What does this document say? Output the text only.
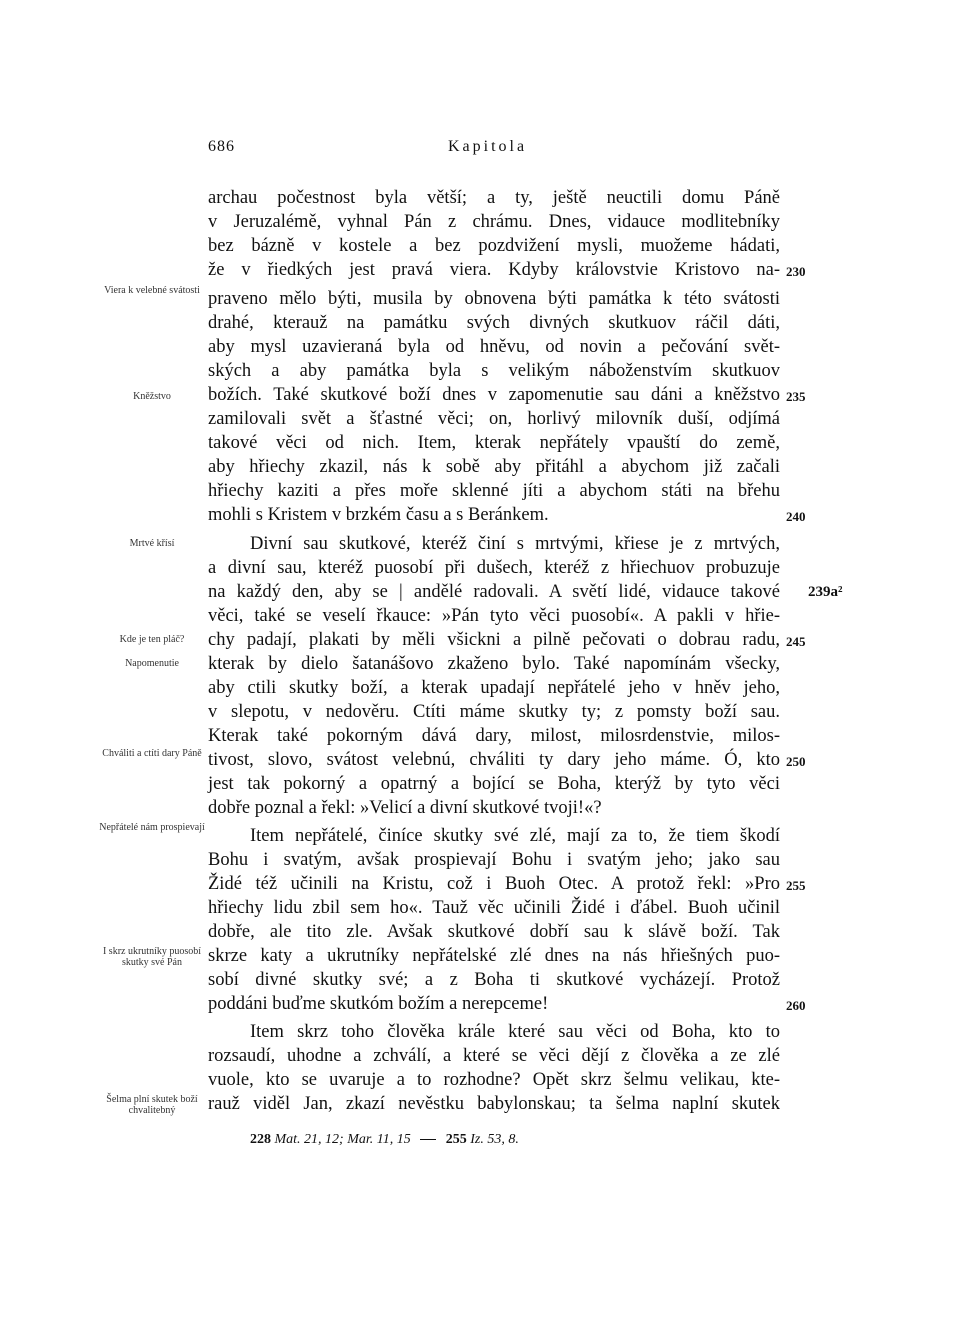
686	Kapitola
archau počestnost byla větší; a ty, ještě neuctili domu Páně
v Jeruzalémě, vyhnal Pán z chrámu. Dnes, vidauce modlitebníky
bez bázně v kostele a bez pozdvižení mysli, muožeme hádati,
že v řiedkých jest pravá viera. Kdyby královstvie Kristovo na-
praveno mělo býti, musila by obnovena býti památka k této svátosti
drahé, kterauž na památku svých divných skutkuov ráčil dáti,
aby mysl uzavieraná byla od hněvu, od novin a pečování svět-
ských a aby památka byla s velikým náboženstvím skutkuov
božích. Také skutkové boží dnes v zapomenutie sau dáni a kněžstvo
zamilovali svět a šťastné věci; on, horlivý milovník duší, odjímá
takové věci od nich. Item, kterak nepřátely vpauští do země,
aby hřiechy zkazil, nás k sobě aby přitáhl a abychom již začali
hřiechy kaziti a přes moře sklenné jíti a abychom státi na břehu
mohli s Kristem v brzkém času a s Beránkem.
Divní sau skutkové, kteréž činí s mrtvými, křiese je z mrtvých,
a divní sau, kteréž puosobí při dušech, kteréž z hřiechuov probuzuje
na každý den, aby se | andělé radovali. A světí lidé, vidauce takové
věci, také se veselí řkauce: »Pán tyto věci puosobí«. A pakli v hřie-
chy padají, plakati by měli všickni a pilně pečovati o dobrau radu,
kterak by dielo šatanášovo zkaženo bylo. Také napomínám všecky,
aby ctili skutky boží, a kterak upadají nepřátelé jeho v hněv jeho,
v slepotu, v nedověru. Ctíti máme skutky ty; z pomsty boží sau.
Kterak také pokorným dává dary, milost, milosrdenstvie, milos-
tivost, slovo, svátost velebnú, chváliti ty dary jeho máme. Ó, kto
jest tak pokorný a opatrný a bojící se Boha, kterýž by tyto věci
dobře poznal a řekl: »Velicí a divní skutkové tvoji!«?
Item nepřátelé, činíce skutky své zlé, mají za to, že tiem škodí
Bohu i svatým, avšak prospievají Bohu i svatým jeho; jako sau
Židé též učinili na Kristu, což i Buoh Otec. A protož řekl: »Pro
hřiechy lidu zbil sem ho«. Tauž věc učinili Židé i ďábel. Buoh učinil
dobře, ale tito zle. Avšak skutkové dobří sau k slávě boží. Tak
skrze katy a ukrutníky nepřátelské zlé dnes na nás hřiešných puo-
sobí divné skutky své; a z Boha ti skutkové vycházejí. Protož
poddáni buďme skutkóm božím a nerepceme!
Item skrz toho člověka krále které sau věci od Boha, kto to
rozsaudí, uhodne a zchválí, a které se věci dějí z člověka a ze zlé
vuole, kto se uvaruje a to rozhodne? Opět skrz šelmu velikau, kte-
rauž viděl Jan, zkazí nevěstku babylonskau; ta šelma naplní skutek
Viera k velebné svátosti
Kněžstvo
Mrtvé křísí
Kde je ten pláč?
Napomenutie
Chváliti a ctíti dary Páně
Nepřátelé nám prospievají
I skrz ukrutníky puosobí skutky své Pán
Šelma plní skutek boží chvalitebný
230
235
240
239a²
245
250
255
260
228 Mat. 21, 12; Mar. 11, 15	255 Iz. 53, 8.
